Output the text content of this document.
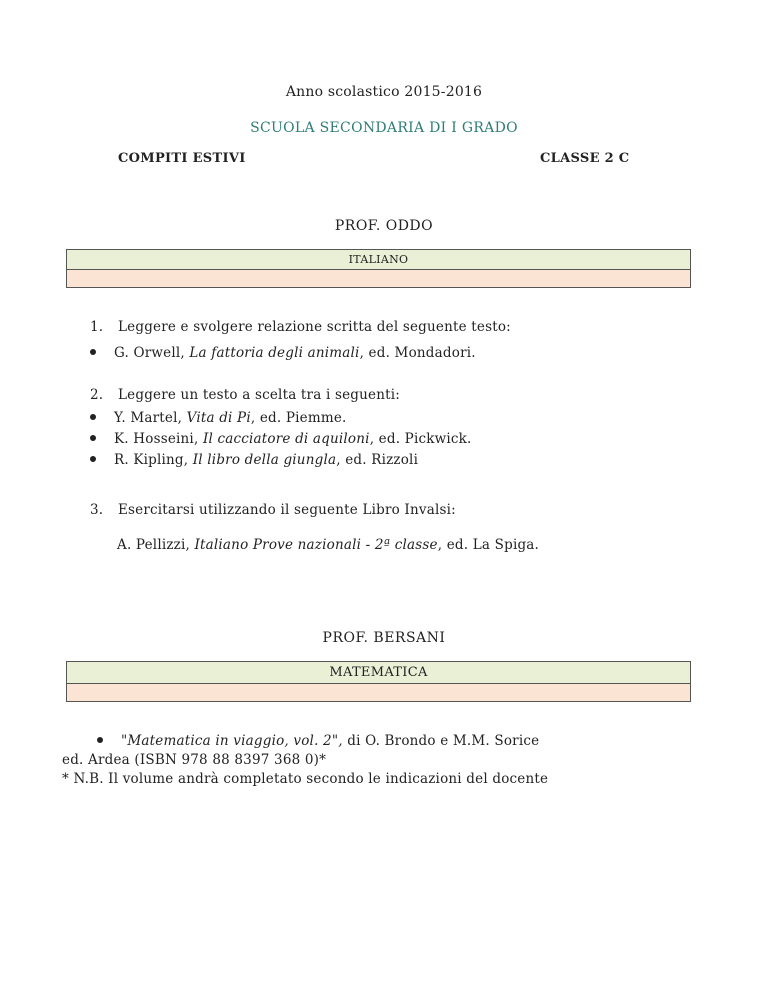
Anno scolastico 2015-2016
SCUOLA SECONDARIA DI I GRADO
COMPITI ESTIVI	CLASSE 2 C
PROF. ODDO
ITALIANO
1. Leggere e svolgere relazione scritta del seguente testo:
G. Orwell, La fattoria degli animali, ed. Mondadori.
2. Leggere un testo a scelta tra i seguenti:
Y. Martel, Vita di Pi, ed. Piemme.
K. Hosseini, Il cacciatore di aquiloni, ed. Pickwick.
R. Kipling, Il libro della giungla, ed. Rizzoli
3. Esercitarsi utilizzando il seguente Libro Invalsi:
A. Pellizzi, Italiano Prove nazionali - 2ª classe, ed. La Spiga.
PROF. BERSANI
MATEMATICA
"Matematica in viaggio, vol. 2", di O. Brondo e M.M. Sorice
ed. Ardea (ISBN 978 88 8397 368 0)*
* N.B. Il volume andrà completato secondo le indicazioni del docente
